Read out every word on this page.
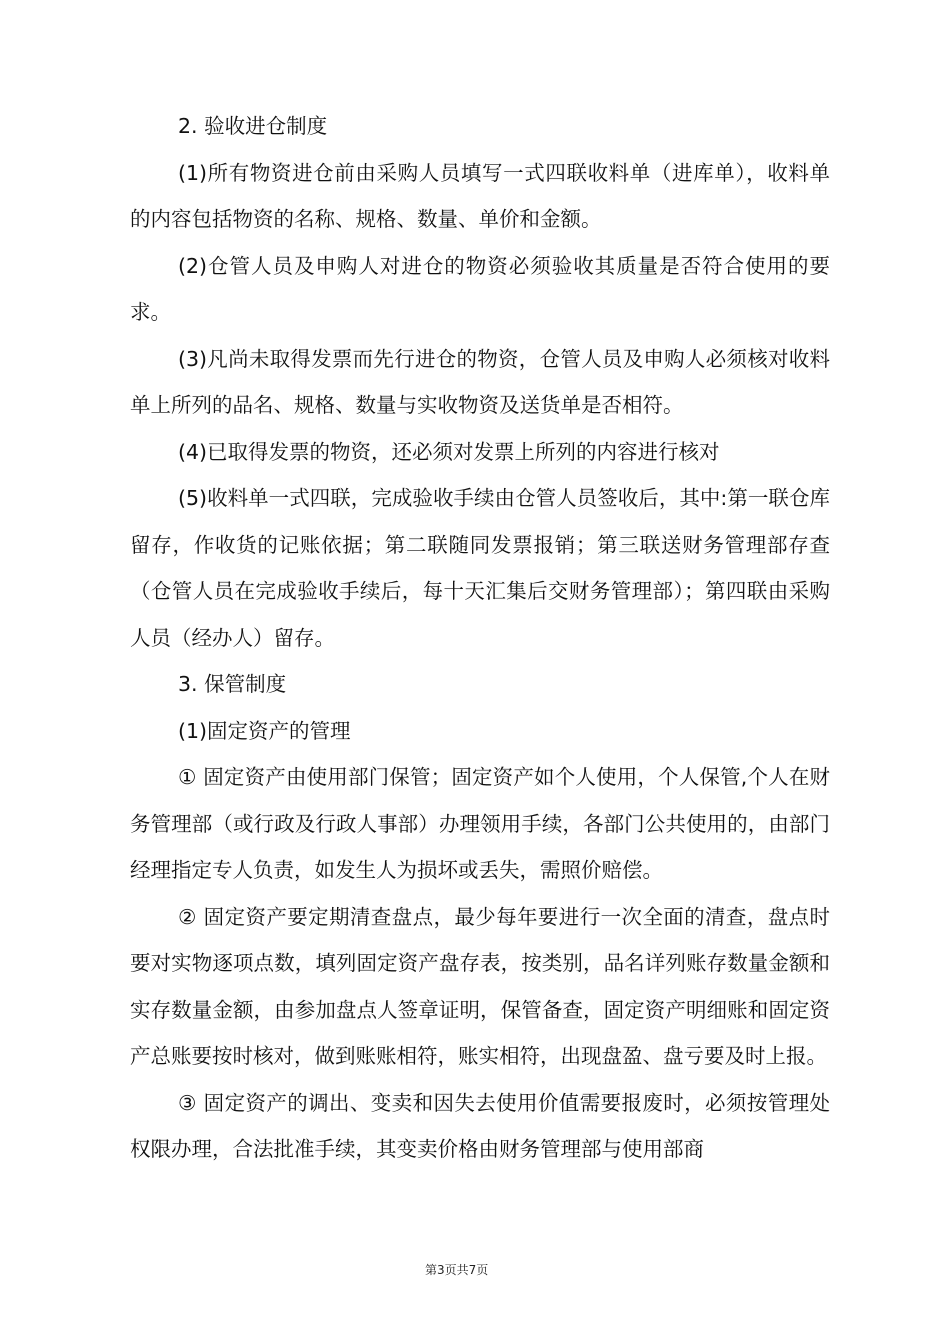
2. 验收进仓制度

(1)所有物资进仓前由采购人员填写一式四联收料单（进库单），收料单的内容包括物资的名称、规格、数量、单价和金额。

(2)仓管人员及申购人对进仓的物资必须验收其质量是否符合使用的要求。

(3)凡尚未取得发票而先行进仓的物资，仓管人员及申购人必须核对收料单上所列的品名、规格、数量与实收物资及送货单是否相符。

(4)已取得发票的物资，还必须对发票上所列的内容进行核对

(5)收料单一式四联，完成验收手续由仓管人员签收后，其中:第一联仓库留存，作收货的记账依据；第二联随同发票报销；第三联送财务管理部存查（仓管人员在完成验收手续后，每十天汇集后交财务管理部）；第四联由采购人员（经办人）留存。

3. 保管制度

(1)固定资产的管理

① 固定资产由使用部门保管；固定资产如个人使用，个人保管,个人在财务管理部（或行政及行政人事部）办理领用手续，各部门公共使用的，由部门经理指定专人负责，如发生人为损坏或丢失，需照价赔偿。

② 固定资产要定期清查盘点，最少每年要进行一次全面的清查，盘点时要对实物逐项点数，填列固定资产盘存表，按类别，品名详列账存数量金额和实存数量金额，由参加盘点人签章证明，保管备查，固定资产明细账和固定资产总账要按时核对，做到账账相符，账实相符，出现盘盈、盘亏要及时上报。

③ 固定资产的调出、变卖和因失去使用价值需要报废时，必须按管理处权限办理，合法批准手续，其变卖价格由财务管理部与使用部商

第3页共7页
